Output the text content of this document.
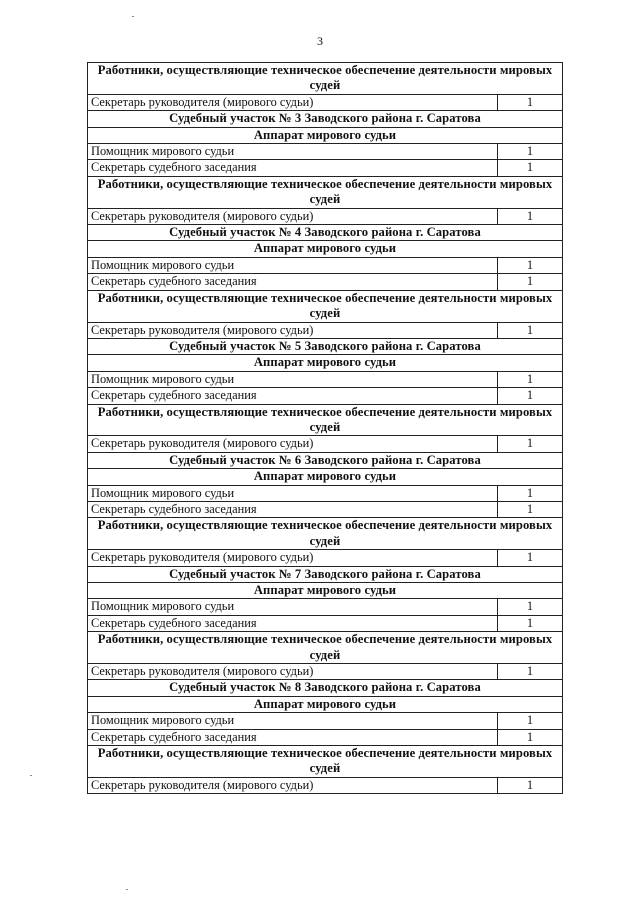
3
Работники, осуществляющие техническое обеспечение деятельности мировых судей	
Секретарь руководителя (мирового судьи)	1
Судебный участок № 3 Заводского района г. Саратова	
Аппарат мирового судьи	
Помощник мирового судьи	1
Секретарь судебного заседания	1
Работники, осуществляющие техническое обеспечение деятельности мировых судей	
Секретарь руководителя (мирового судьи)	1
Судебный участок № 4 Заводского района г. Саратова	
Аппарат мирового судьи	
Помощник мирового судьи	1
Секретарь судебного заседания	1
Работники, осуществляющие техническое обеспечение деятельности мировых судей	
Секретарь руководителя (мирового судьи)	1
Судебный участок № 5 Заводского района г. Саратова	
Аппарат мирового судьи	
Помощник мирового судьи	1
Секретарь судебного заседания	1
Работники, осуществляющие техническое обеспечение деятельности мировых судей	
Секретарь руководителя (мирового судьи)	1
Судебный участок № 6 Заводского района г. Саратова	
Аппарат мирового судьи	
Помощник мирового судьи	1
Секретарь судебного заседания	1
Работники, осуществляющие техническое обеспечение деятельности мировых судей	
Секретарь руководителя (мирового судьи)	1
Судебный участок № 7 Заводского района г. Саратова	
Аппарат мирового судьи	
Помощник мирового судьи	1
Секретарь судебного заседания	1
Работники, осуществляющие техническое обеспечение деятельности мировых судей	
Секретарь руководителя (мирового судьи)	1
Судебный участок № 8 Заводского района г. Саратова	
Аппарат мирового судьи	
Помощник мирового судьи	1
Секретарь судебного заседания	1
Работники, осуществляющие техническое обеспечение деятельности мировых судей	
Секретарь руководителя (мирового судьи)	1
